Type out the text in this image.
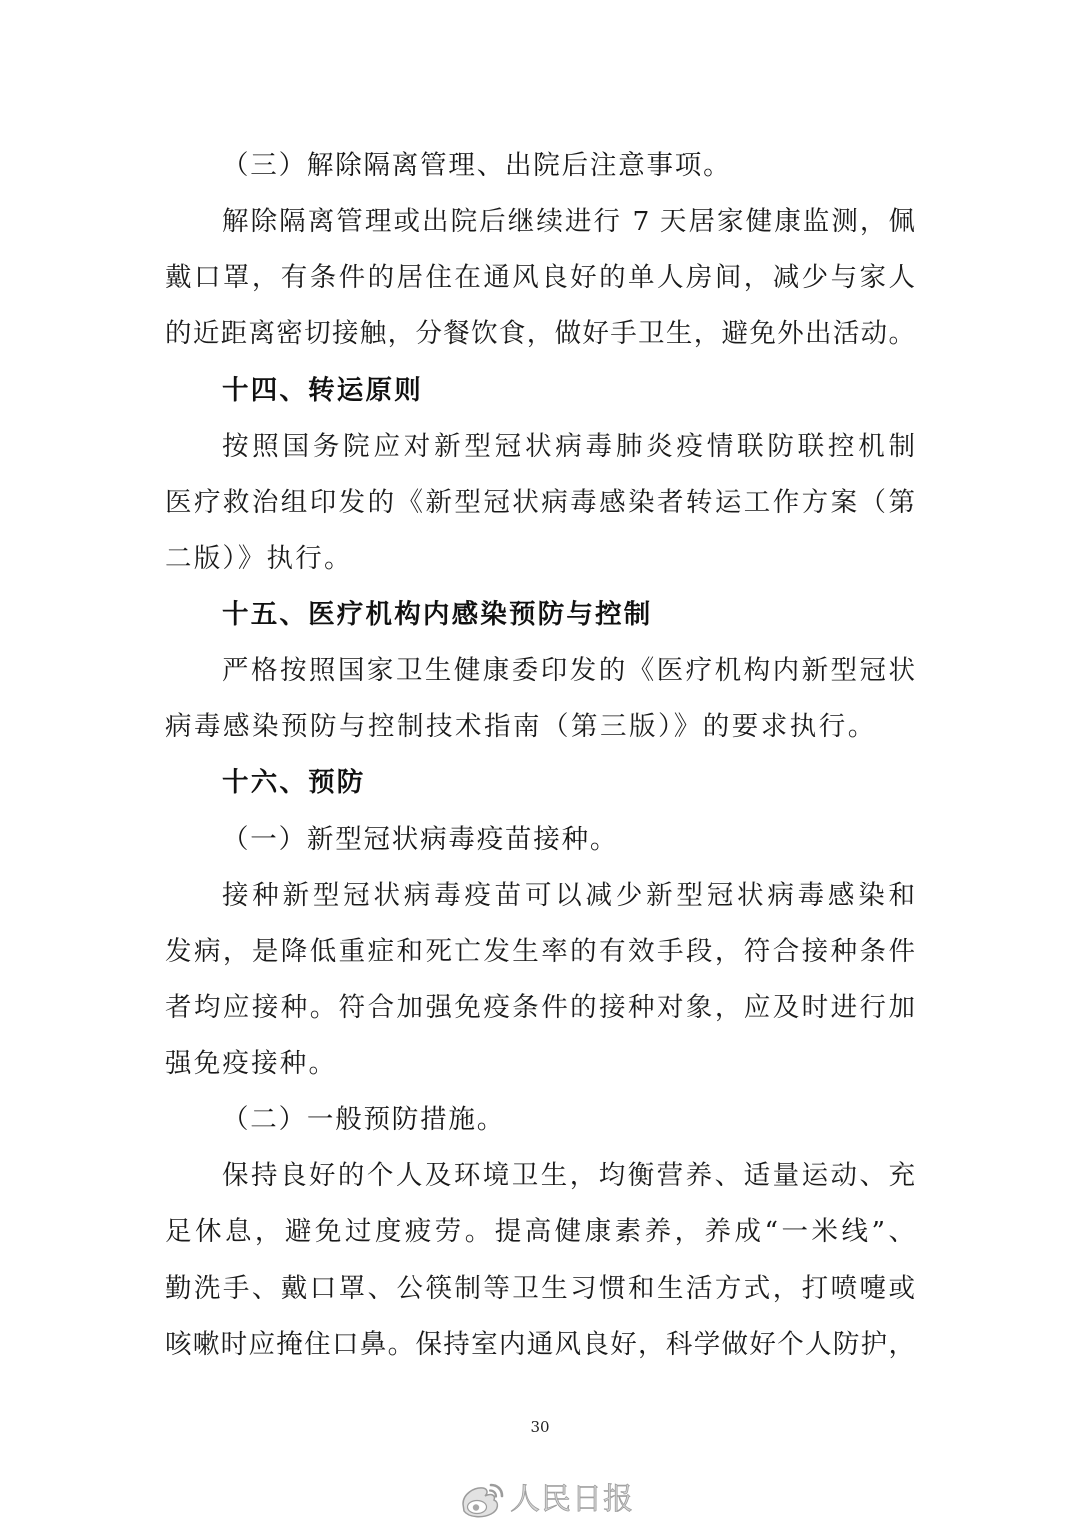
（三）解除隔离管理、出院后注意事项。
解除隔离管理或出院后继续进行 7 天居家健康监测，佩
戴口罩，有条件的居住在通风良好的单人房间，减少与家人
的近距离密切接触，分餐饮食，做好手卫生，避免外出活动。
十四、转运原则
按照国务院应对新型冠状病毒肺炎疫情联防联控机制
医疗救治组印发的《新型冠状病毒感染者转运工作方案（第
二版）》执行。
十五、医疗机构内感染预防与控制
严格按照国家卫生健康委印发的《医疗机构内新型冠状
病毒感染预防与控制技术指南（第三版）》的要求执行。
十六、预防
（一）新型冠状病毒疫苗接种。
接种新型冠状病毒疫苗可以减少新型冠状病毒感染和
发病，是降低重症和死亡发生率的有效手段，符合接种条件
者均应接种。符合加强免疫条件的接种对象，应及时进行加
强免疫接种。
（二）一般预防措施。
保持良好的个人及环境卫生，均衡营养、适量运动、充
足休息，避免过度疲劳。提高健康素养，养成“一米线”、
勤洗手、戴口罩、公筷制等卫生习惯和生活方式，打喷嚏或
咳嗽时应掩住口鼻。保持室内通风良好，科学做好个人防护，
30
人民日报
